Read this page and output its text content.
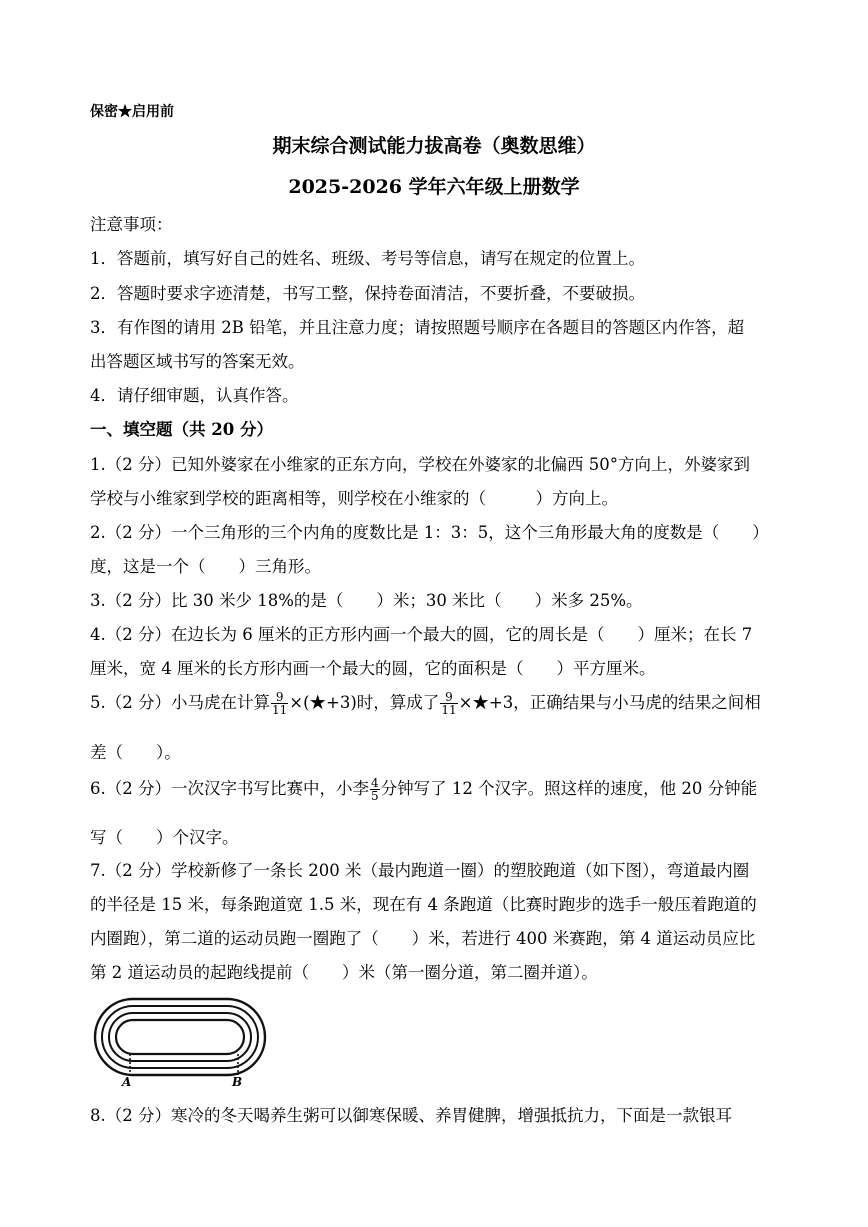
保密★启用前
期末综合测试能力拔高卷（奥数思维）
2025-2026 学年六年级上册数学
注意事项：
1．答题前，填写好自己的姓名、班级、考号等信息，请写在规定的位置上。
2．答题时要求字迹清楚，书写工整，保持卷面清洁，不要折叠，不要破损。
3．有作图的请用 2B 铅笔，并且注意力度；请按照题号顺序在各题目的答题区内作答，超
出答题区域书写的答案无效。
4．请仔细审题，认真作答。
一、填空题（共 20 分）
1.（2 分）已知外婆家在小维家的正东方向，学校在外婆家的北偏西 50°方向上，外婆家到
学校与小维家到学校的距离相等，则学校在小维家的（　　　）方向上。
2.（2 分）一个三角形的三个内角的度数比是 1：3：5，这个三角形最大角的度数是（　　）
度，这是一个（　　）三角形。
3.（2 分）比 30 米少 18%的是（　　）米；30 米比（　　）米多 25%。
4.（2 分）在边长为 6 厘米的正方形内画一个最大的圆，它的周长是（　　）厘米；在长 7
厘米，宽 4 厘米的长方形内画一个最大的圆，它的面积是（　　）平方厘米。
5.（2 分）小马虎在计算 $\frac{9}{11}$ ×(★+3)时，算成了 $\frac{9}{11}$ ×★+3，正确结果与小马虎的结果之间相
差（　　）。
6.（2 分）一次汉字书写比赛中，小李 $\frac{4}{5}$ 分钟写了 12 个汉字。照这样的速度，他 20 分钟能
写（　　）个汉字。
7.（2 分）学校新修了一条长 200 米（最内跑道一圈）的塑胶跑道（如下图），弯道最内圈
的半径是 15 米，每条跑道宽 1.5 米，现在有 4 条跑道（比赛时跑步的选手一般压着跑道的
内圈跑），第二道的运动员跑一圈跑了（　　）米，若进行 400 米赛跑，第 4 道运动员应比
第 2 道运动员的起跑线提前（　　）米（第一圈分道，第二圈并道）。
A	B
8.（2 分）寒冷的冬天喝养生粥可以御寒保暖、养胃健脾，增强抵抗力，下面是一款银耳
